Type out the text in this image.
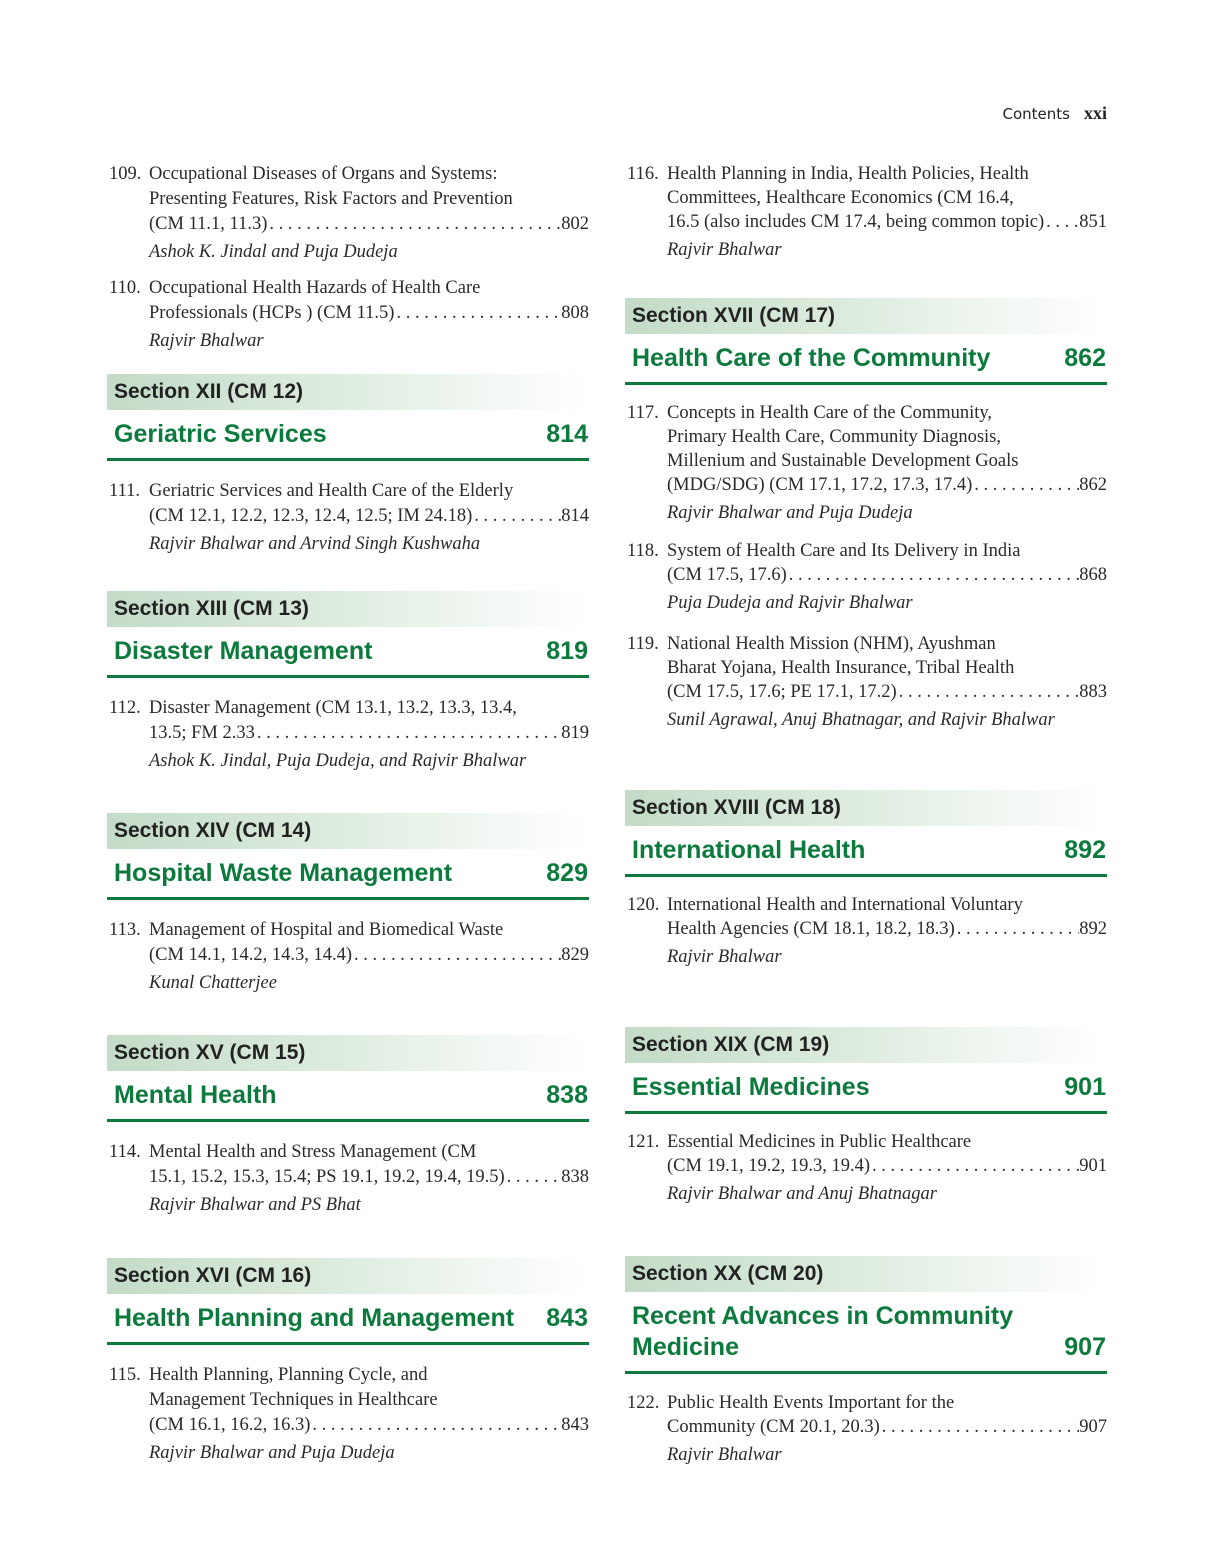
Contents xxi
109. Occupational Diseases of Organs and Systems:
Presenting Features, Risk Factors and Prevention
(CM 11.1, 11.3) . . .	802
Ashok K. Jindal and Puja Dudeja
110. Occupational Health Hazards of Health Care
Professionals (HCPs ) (CM 11.5) . . .	808
Rajvir Bhalwar
Section XII (CM 12)
Geriatric Services	814
111. Geriatric Services and Health Care of the Elderly
(CM 12.1, 12.2, 12.3, 12.4, 12.5; IM 24.18) . . .	814
Rajvir Bhalwar and Arvind Singh Kushwaha
Section XIII (CM 13)
Disaster Management	819
112. Disaster Management (CM 13.1, 13.2, 13.3, 13.4,
13.5; FM 2.33 . . .	819
Ashok K. Jindal, Puja Dudeja, and Rajvir Bhalwar
Section XIV (CM 14)
Hospital Waste Management	829
113. Management of Hospital and Biomedical Waste
(CM 14.1, 14.2, 14.3, 14.4) . . .	829
Kunal Chatterjee
Section XV (CM 15)
Mental Health	838
114. Mental Health and Stress Management (CM
15.1, 15.2, 15.3, 15.4; PS 19.1, 19.2, 19.4, 19.5) . . .	838
Rajvir Bhalwar and PS Bhat
Section XVI (CM 16)
Health Planning and Management	843
115. Health Planning, Planning Cycle, and
Management Techniques in Healthcare
(CM 16.1, 16.2, 16.3) . . .	843
Rajvir Bhalwar and Puja Dudeja
116. Health Planning in India, Health Policies, Health
Committees, Healthcare Economics (CM 16.4,
16.5 (also includes CM 17.4, being common topic) . . . 851
Rajvir Bhalwar
Section XVII (CM 17)
Health Care of the Community	862
117. Concepts in Health Care of the Community,
Primary Health Care, Community Diagnosis,
Millenium and Sustainable Development Goals
(MDG/SDG) (CM 17.1, 17.2, 17.3, 17.4) . . .	862
Rajvir Bhalwar and Puja Dudeja
118. System of Health Care and Its Delivery in India
(CM 17.5, 17.6) . . .	868
Puja Dudeja and Rajvir Bhalwar
119. National Health Mission (NHM), Ayushman
Bharat Yojana, Health Insurance, Tribal Health
(CM 17.5, 17.6; PE 17.1, 17.2) . . .	883
Sunil Agrawal, Anuj Bhatnagar, and Rajvir Bhalwar
Section XVIII (CM 18)
International Health	892
120. International Health and International Voluntary
Health Agencies (CM 18.1, 18.2, 18.3) . . .	892
Rajvir Bhalwar
Section XIX (CM 19)
Essential Medicines	901
121. Essential Medicines in Public Healthcare
(CM 19.1, 19.2, 19.3, 19.4) . . .	901
Rajvir Bhalwar and Anuj Bhatnagar
Section XX (CM 20)
Recent Advances in Community
Medicine	907
122. Public Health Events Important for the
Community (CM 20.1, 20.3) . . .	907
Rajvir Bhalwar
